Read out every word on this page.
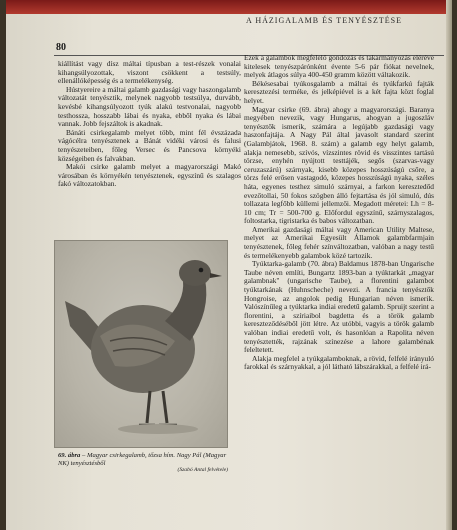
A HÁZIGALAMB ÉS TENYÉSZTÉSE
80

kiállítást vagy dísz máltai típusban a test-részek vonalai kihangsúlyozottak, viszont csökkent a testsúly, ellenállóképesség és a termelékenység.

Hústyereire a máltai galamb gazdasági vagy haszongalamb változatát tenyésztik, melynek nagyobb testsúlya, durvább, kevésbé kihangsúlyozott tyúk alakú testvonalai, nagyobb testhossza, hosszabb lábai és nyaka, ebből nyaka és lábai vannak. Jobb fejszáltok is akadnak.

Bánáti csirkegalamb melyet több, mint fél évszázada vágócélra tenyésztenek a Bánát vidéki városi és falusi tenyészeteiben, főleg Versec és Pancsova környéki községeiben és falvakban.

Makói csirke galamb melyet a magyarországi Makó városában és környékén tenyésztenek, egyszínű és szalagos fakó változatokban.

69. ábra – Magyar csirkegalamb, tőzsa hím. Nagy Pál (Magyar NK) tenyésztésből
(Szabó Antal felvétele)

Ezek a galambok megfelelő gondozás és takarmányozás eléréve kitelesek tenyészpárónként évente 5-6 pár fiókat nevelnek, melyek átlagos súlya 400-450 gramm között váltakozik.

Békésesabai tyúkosgalamb a máltai és tyúkfarkú fajták keresztezési terméke, és jelképiével is a két fajta közt foglal helyet.

Magyar csirke (69. ábra) ahogy a magyarországi. Baranya megyében nevezik, vagy Hungarus, ahogyan a jugoszláv tenyésztők ismerik, számára a legújabb gazdasági vagy haszonfajtája. A Nagy Pál által javasolt standard szerint (Galambjátok, 1968. 8. szám) a galamb egy helyt galamb, alakja nemesebb, szívós, vízszintes rövid és visszintes tartású törzse, enyhén nyújtott testtájék, segős (szarvas-vagy ceruzaszárú) szárnyak, kisebb közepes hosszúságú csőre, a törzs felé erősen vastagodó, közepes hosszúságú nyaka, széles háta, egyenes testhez simuló szárnyai, a farkon keresztedőd evezőtollai, 50 fokos szögben álló fejtartása és jól simuló, dús tollazata legfőbb küllemi jellemzői. Megadott méretei: Lh = 8-10 cm; Tr = 500-700 g. Előfordul egyszínű, szárnyszalagos, foltostarka, tigristarka és babos változatban.

Amerikai gazdasági máltai vagy American Utility Maltese, melyet az Amerikai Egyesült Államok galambfarmjain tenyésztenek, főleg fehér színváltozatban, valóban a nagy testű és termelékenyebb galambok közé tartozik.

Tyúktarka-galamb (70. ábra) Baldamus 1878-ban Ungarische Taube néven említi, Bungartz 1893-ban a tyúktarkát „magyar galambnak" (ungarische Taube), a florentini galambot tyúktarkának (Huhnscheche) nevezi. A francia tenyésztők Hongroise, az angolok pedig Hungarian néven ismerik. Valószínűleg a tyúktarka indiai eredetű galamb. Spruijt szerint a florentini, a szíriaibol bagdetta és a török galamb kereszteződéséből jött létre. Az utóbbi, vagyis a török galamb valóban indiai eredetű volt, és hasonlóan a Rapolita néven tenyésztették, rajzának színezése a lahore galambénak feleltetett.

Alakja megfelel a tyúkgalamboknak, a rövid, felfelé irányuló farokkal és szárnyakkal, a jól látható lábszárakkal, a felfelé irá-
